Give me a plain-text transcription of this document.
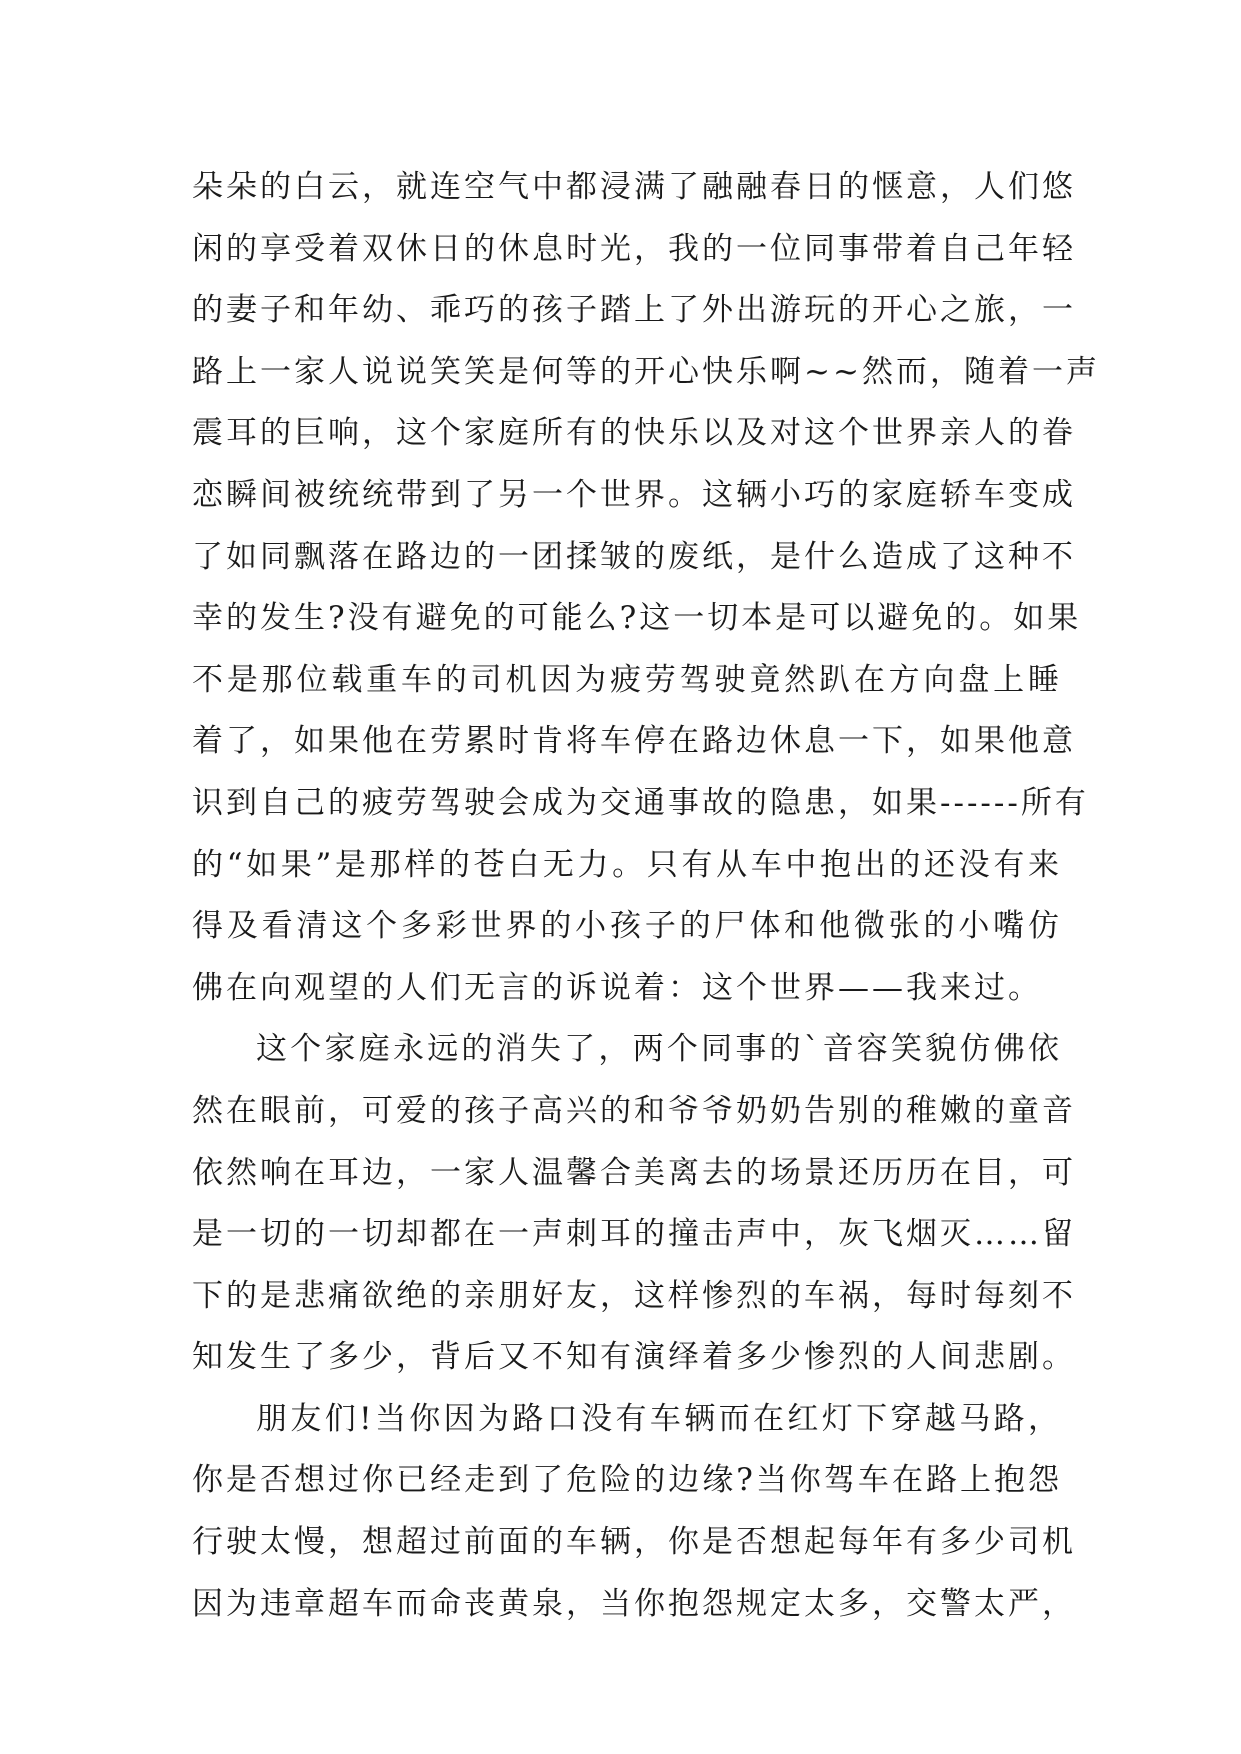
朵朵的白云，就连空气中都浸满了融融春日的惬意，人们悠
闲的享受着双休日的休息时光，我的一位同事带着自己年轻
的妻子和年幼、乖巧的孩子踏上了外出游玩的开心之旅，一
路上一家人说说笑笑是何等的开心快乐啊~~然而，随着一声
震耳的巨响，这个家庭所有的快乐以及对这个世界亲人的眷
恋瞬间被统统带到了另一个世界。这辆小巧的家庭轿车变成
了如同飘落在路边的一团揉皱的废纸，是什么造成了这种不
幸的发生?没有避免的可能么?这一切本是可以避免的。如果
不是那位载重车的司机因为疲劳驾驶竟然趴在方向盘上睡
着了，如果他在劳累时肯将车停在路边休息一下，如果他意
识到自己的疲劳驾驶会成为交通事故的隐患，如果------所有
的“如果”是那样的苍白无力。只有从车中抱出的还没有来
得及看清这个多彩世界的小孩子的尸体和他微张的小嘴仿
佛在向观望的人们无言的诉说着：这个世界——我来过。
这个家庭永远的消失了，两个同事的`音容笑貌仿佛依
然在眼前，可爱的孩子高兴的和爷爷奶奶告别的稚嫩的童音
依然响在耳边，一家人温馨合美离去的场景还历历在目，可
是一切的一切却都在一声刺耳的撞击声中，灰飞烟灭……留
下的是悲痛欲绝的亲朋好友，这样惨烈的车祸，每时每刻不
知发生了多少，背后又不知有演绎着多少惨烈的人间悲剧。
朋友们!当你因为路口没有车辆而在红灯下穿越马路，
你是否想过你已经走到了危险的边缘?当你驾车在路上抱怨
行驶太慢，想超过前面的车辆，你是否想起每年有多少司机
因为违章超车而命丧黄泉，当你抱怨规定太多，交警太严，
